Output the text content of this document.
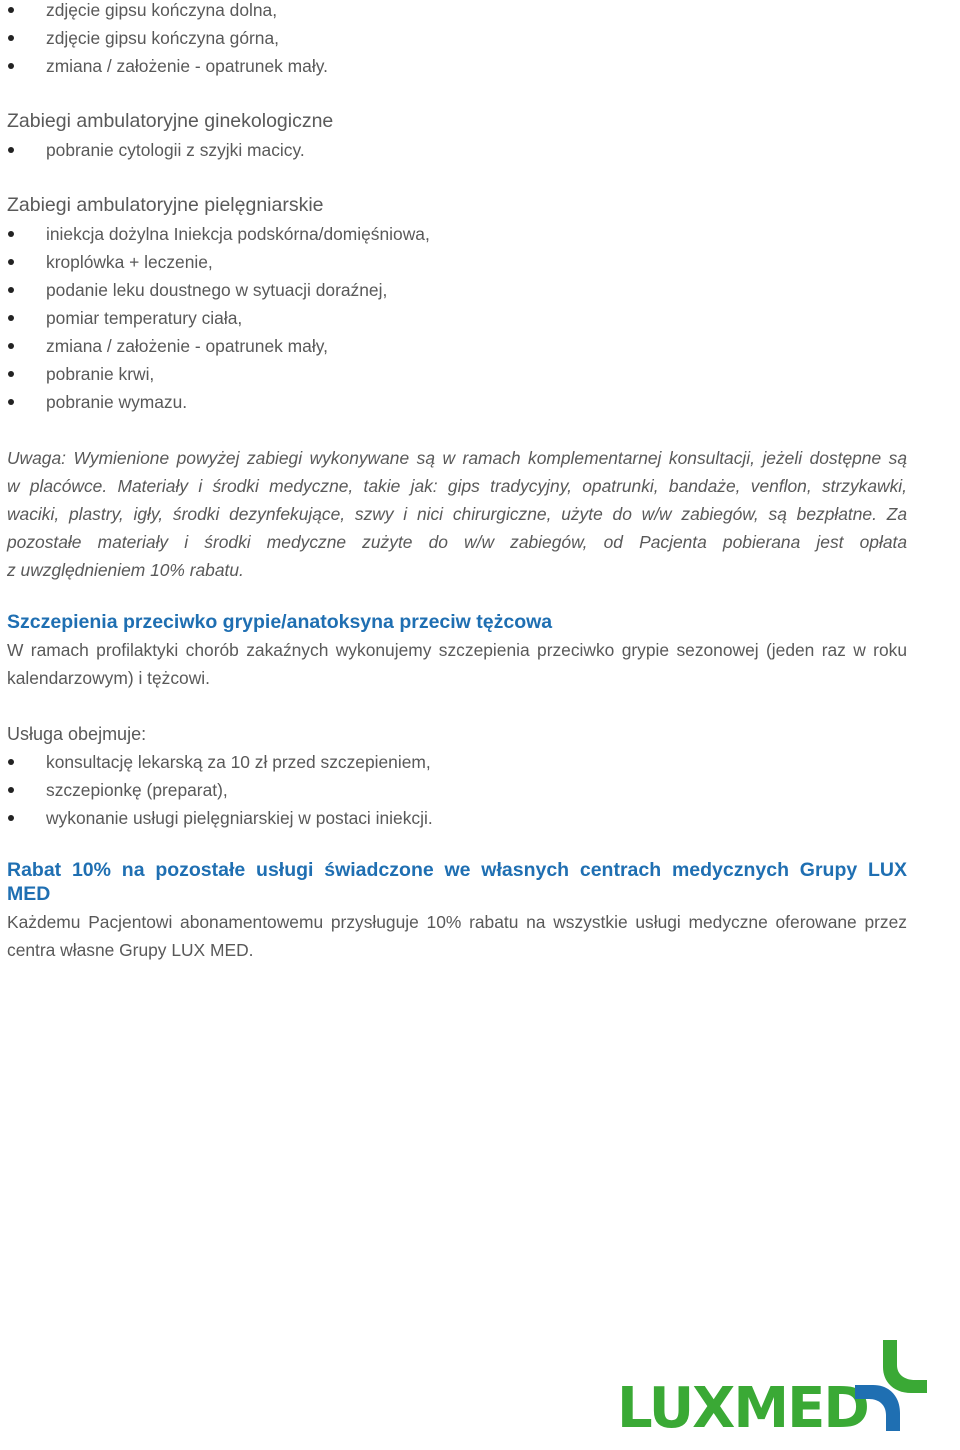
zdjęcie gipsu kończyna dolna,
zdjęcie gipsu kończyna górna,
zmiana / założenie - opatrunek mały.
Zabiegi ambulatoryjne ginekologiczne
pobranie cytologii z szyjki macicy.
Zabiegi ambulatoryjne pielęgniarskie
iniekcja dożylna Iniekcja podskórna/domięśniowa,
kroplówka + leczenie,
podanie leku doustnego w sytuacji doraźnej,
pomiar temperatury ciała,
zmiana / założenie - opatrunek mały,
pobranie krwi,
pobranie wymazu.
Uwaga: Wymienione powyżej zabiegi wykonywane są w ramach komplementarnej konsultacji, jeżeli dostępne są
w placówce. Materiały i środki medyczne, takie jak: gips tradycyjny, opatrunki, bandaże, venflon, strzykawki,
waciki, plastry, igły, środki dezynfekujące, szwy i nici chirurgiczne, użyte do w/w zabiegów, są bezpłatne. Za
pozostałe materiały i środki medyczne zużyte do w/w zabiegów, od Pacjenta pobierana jest opłata
z uwzględnieniem 10% rabatu.
Szczepienia przeciwko grypie/anatoksyna przeciw tężcowa
W ramach profilaktyki chorób zakaźnych wykonujemy szczepienia przeciwko grypie sezonowej (jeden raz w roku
kalendarzowym) i tężcowi.
Usługa obejmuje:
konsultację lekarską za 10 zł przed szczepieniem,
szczepionkę (preparat),
wykonanie usługi pielęgniarskiej w postaci iniekcji.
Rabat 10% na pozostałe usługi świadczone we własnych centrach medycznych Grupy LUX
MED
Każdemu Pacjentowi abonamentowemu przysługuje 10% rabatu na wszystkie usługi medyczne oferowane przez
centra własne Grupy LUX MED.
LUXMED
